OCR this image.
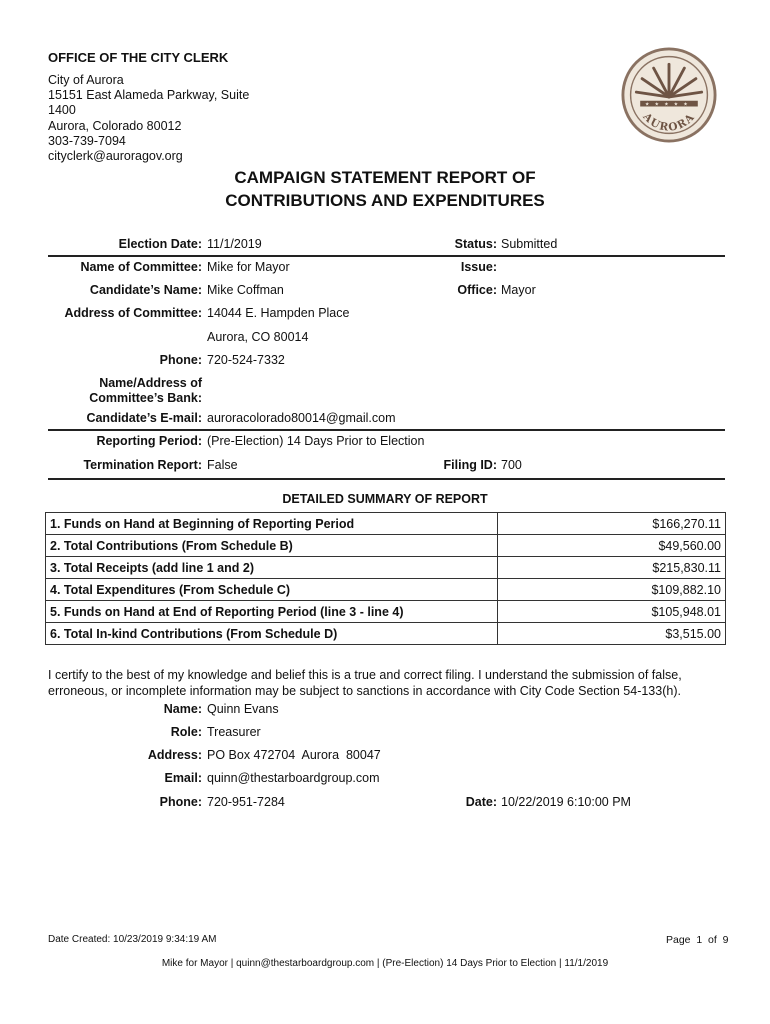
OFFICE OF THE CITY CLERK
City of Aurora
15151 East Alameda Parkway, Suite
1400
Aurora, Colorado 80012
303-739-7094
cityclerk@auroragov.org
★ ★ ★ ★ ★
AURORA
CAMPAIGN STATEMENT REPORT OF
CONTRIBUTIONS AND EXPENDITURES
Election Date: 11/1/2019	Status: Submitted
Name of Committee: Mike for Mayor	Issue:
Candidate’s Name: Mike Coffman	Office: Mayor
Address of Committee: 14044 E. Hampden Place
Aurora, CO 80014
Phone: 720-524-7332
Name/Address of
Committee’s Bank:
Candidate’s E-mail: auroracolorado80014@gmail.com
Reporting Period: (Pre-Election) 14 Days Prior to Election
Termination Report: False	Filing ID: 700
DETAILED SUMMARY OF REPORT
1. Funds on Hand at Beginning of Reporting Period	$166,270.11
2. Total Contributions (From Schedule B)	$49,560.00
3. Total Receipts (add line 1 and 2)	$215,830.11
4. Total Expenditures (From Schedule C)	$109,882.10
5. Funds on Hand at End of Reporting Period (line 3 - line 4)	$105,948.01
6. Total In-kind Contributions (From Schedule D)	$3,515.00
I certify to the best of my knowledge and belief this is a true and correct filing. I understand the submission of false, erroneous, or incomplete information may be subject to sanctions in accordance with City Code Section 54-133(h).
Name: Quinn Evans
Role: Treasurer
Address: PO Box 472704  Aurora  80047
Email: quinn@thestarboardgroup.com
Phone: 720-951-7284	Date: 10/22/2019 6:10:00 PM
Date Created: 10/23/2019 9:34:19 AM	Page  1  of  9
Mike for Mayor | quinn@thestarboardgroup.com | (Pre-Election) 14 Days Prior to Election | 11/1/2019
